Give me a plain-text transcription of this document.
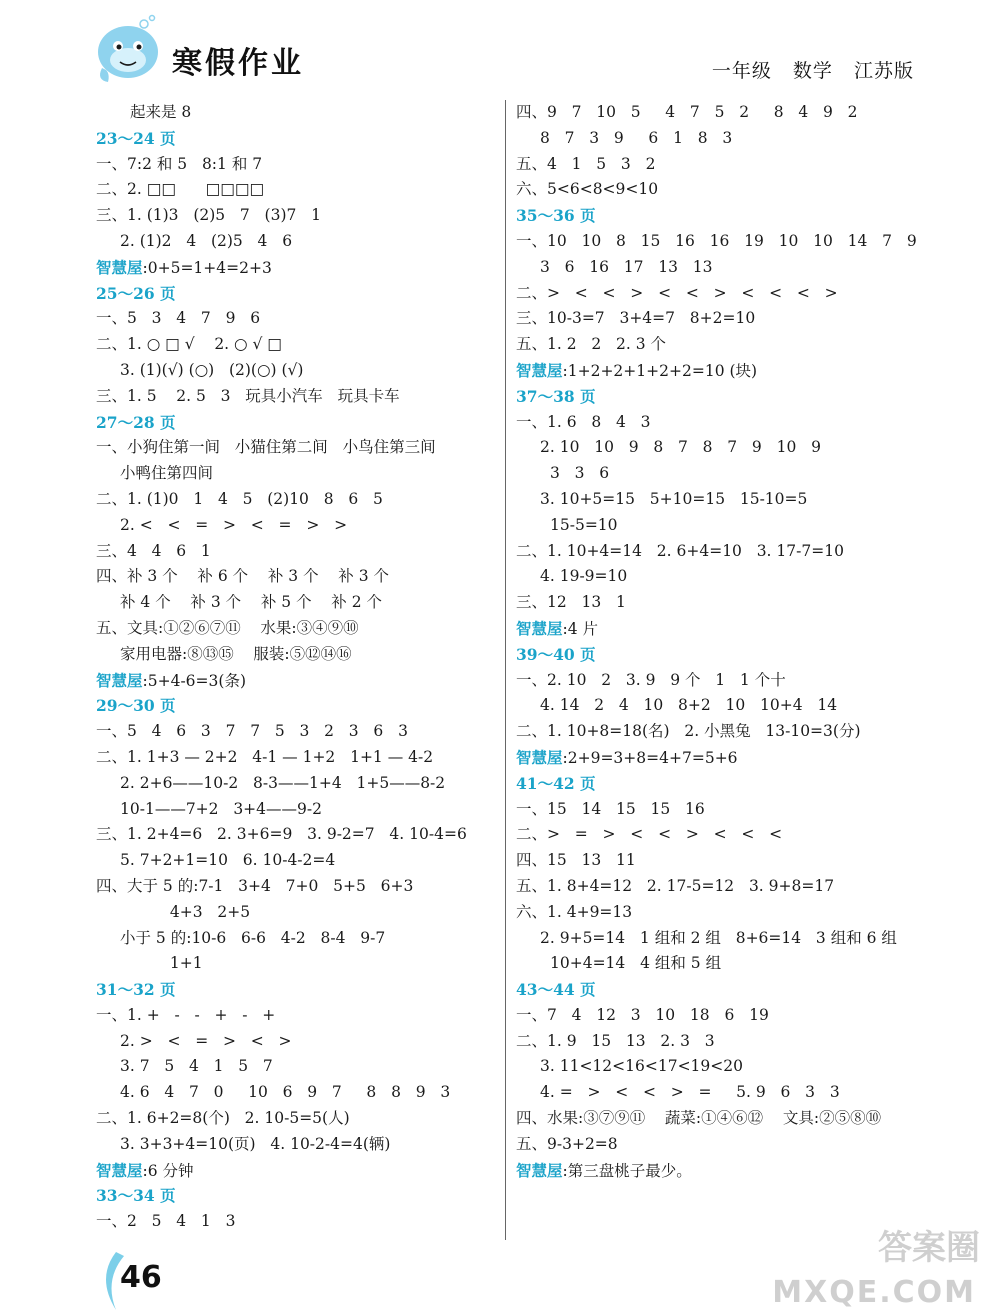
寒假作业	一年级 数学 江苏版
起来是 8
23～24 页
一、7:2 和 5   8:1 和 7
二、2. □□      □□□□
三、1. (1)3   (2)5   7   (3)7   1
2. (1)2   4   (2)5   4   6
智慧屋:0+5=1+4=2+3
25～26 页
一、5   3   4   7   9   6
二、1. ○ □ √    2. ○ √ □
3. (1)(√) (○)   (2)(○) (√)
三、1. 5    2. 5   3   玩具小汽车   玩具卡车
27～28 页
一、小狗住第一间   小猫住第二间   小鸟住第三间
小鸭住第四间
二、1. (1)0   1   4   5   (2)10   8   6   5
2. <   <   =   >   <   =   >   >
三、4   4   6   1
四、补 3 个    补 6 个    补 3 个    补 3 个
补 4 个    补 3 个    补 5 个    补 2 个
五、文具:①②⑥⑦⑪    水果:③④⑨⑩
家用电器:⑧⑬⑮    服装:⑤⑫⑭⑯
智慧屋:5+4-6=3(条)
29～30 页
一、5   4   6   3   7   7   5   3   2   3   6   3
二、1. 1+3 — 2+2   4-1 — 1+2   1+1 — 4-2
2. 2+6——10-2   8-3——1+4   1+5——8-2
10-1——7+2   3+4——9-2
三、1. 2+4=6   2. 3+6=9   3. 9-2=7   4. 10-4=6
5. 7+2+1=10   6. 10-4-2=4
四、大于 5 的:7-1   3+4   7+0   5+5   6+3
4+3   2+5
小于 5 的:10-6   6-6   4-2   8-4   9-7
1+1
31～32 页
一、1. +   -   -   +   -   +
2. >   <   =   >   <   >
3. 7   5   4   1   5   7
4. 6   4   7   0     10   6   9   7     8   8   9   3
二、1. 6+2=8(个)   2. 10-5=5(人)
3. 3+3+4=10(页)   4. 10-2-4=4(辆)
智慧屋:6 分钟
33～34 页
一、2   5   4   1   3
四、9   7   10   5     4   7   5   2     8   4   9   2
8   7   3   9     6   1   8   3
五、4   1   5   3   2
六、5<6<8<9<10
35～36 页
一、10   10   8   15   16   16   19   10   10   14   7   9
3   6   16   17   13   13
二、>   <   <   >   <   <   >   <   <   <   >
三、10-3=7   3+4=7   8+2=10
五、1. 2   2   2. 3 个
智慧屋:1+2+2+1+2+2=10 (块)
37～38 页
一、1. 6   8   4   3
2. 10   10   9   8   7   8   7   9   10   9
3   3   6
3. 10+5=15   5+10=15   15-10=5
15-5=10
二、1. 10+4=14   2. 6+4=10   3. 17-7=10
4. 19-9=10
三、12   13   1
智慧屋:4 片
39～40 页
一、2. 10   2   3. 9   9 个   1   1 个十
4. 14   2   4   10   8+2   10   10+4   14
二、1. 10+8=18(名)   2. 小黑兔   13-10=3(分)
智慧屋:2+9=3+8=4+7=5+6
41～42 页
一、15   14   15   15   16
二、>   =   >   <   <   >   <   <   <
四、15   13   11
五、1. 8+4=12   2. 17-5=12   3. 9+8=17
六、1. 4+9=13
2. 9+5=14   1 组和 2 组   8+6=14   3 组和 6 组
10+4=14   4 组和 5 组
43～44 页
一、7   4   12   3   10   18   6   19
二、1. 9   15   13   2. 3   3
3. 11<12<16<17<19<20
4. =   >   <   <   >   =     5. 9   6   3   3
四、水果:③⑦⑨⑪    蔬菜:①④⑥⑫    文具:②⑤⑧⑩
五、9-3+2=8
智慧屋:第三盘桃子最少。
46
答案圈
MXQE.COM
